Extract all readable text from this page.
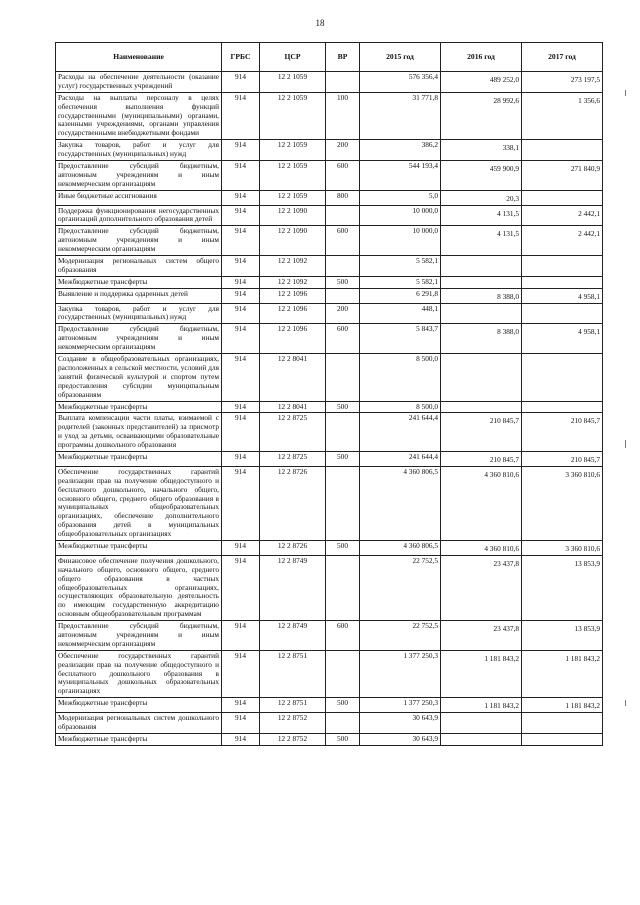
18
Наименование	ГРБС	ЦСР	ВР	2015 год	2016 год	2017 год
Расходы на обеспечение деятельности (оказание услуг) государственных учреждений	914	12 2 1059		576 356,4	489 252,0	273 197,5
Расходы на выплаты персоналу в целях обеспечения выполнения функций государственными (муниципальными) органами, казенными учреждениями, органами управления государственными внебюджетными фондами	914	12 2 1059	100	31 771,8	28 992,6	1 356,6
Закупка товаров, работ и услуг для государственных (муниципальных) нужд	914	12 2 1059	200	386,2	338,1	
Предоставление субсидий бюджетным, автономным учреждениям и иным некоммерческим организациям	914	12 2 1059	600	544 193,4	459 900,9	271 840,9
Иные бюджетные ассигнования	914	12 2 1059	800	5,0	20,3	
Поддержка функционирования негосударственных организаций дополнительного образования детей	914	12 2 1090		10 000,0	4 131,5	2 442,1
Предоставление субсидий бюджетным, автономным учреждениям и иным некоммерческим организациям	914	12 2 1090	600	10 000,0	4 131,5	2 442,1
Модернизация региональных систем общего образования	914	12 2 1092		5 582,1		
Межбюджетные трансферты	914	12 2 1092	500	5 582,1		
Выявление и поддержка одаренных детей	914	12 2 1096		6 291,8	8 388,0	4 958,1
Закупка товаров, работ и услуг для государственных (муниципальных) нужд	914	12 2 1096	200	448,1		
Предоставление субсидий бюджетным, автономным учреждениям и иным некоммерческим организациям	914	12 2 1096	600	5 843,7	8 388,0	4 958,1
Создание в общеобразовательных организациях, расположенных в сельской местности, условий для занятий физической культурой и спортом путем предоставления субсидии муниципальным образованиям	914	12 2 8041		8 500,0		
Межбюджетные трансферты	914	12 2 8041	500	8 500,0		
Выплата компенсации части платы, взимаемой с родителей (законных представителей) за присмотр и уход за детьми, осваивающими образовательные программы дошкольного образования	914	12 2 8725		241 644,4	210 845,7	210 845,7
Межбюджетные трансферты	914	12 2 8725	500	241 644,4	210 845,7	210 845,7
Обеспечение государственных гарантий реализации прав на получение общедоступного и бесплатного дошкольного, начального общего, основного общего, среднего общего образования в муниципальных общеобразовательных организациях, обеспечение дополнительного образования детей в муниципальных общеобразовательных организациях	914	12 2 8726		4 360 806,5	4 360 810,6	3 360 810,6
Межбюджетные трансферты	914	12 2 8726	500	4 360 806,5	4 360 810,6	3 360 810,6
Финансовое обеспечение получения дошкольного, начального общего, основного общего, среднего общего образования в частных общеобразовательных организациях, осуществляющих образовательную деятельность по имеющим государственную аккредитацию основным общеобразовательным программам	914	12 2 8749		22 752,5	23 437,8	13 853,9
Предоставление субсидий бюджетным, автономным учреждениям и иным некоммерческим организациям	914	12 2 8749	600	22 752,5	23 437,8	13 853,9
Обеспечение государственных гарантий реализации прав на получение общедоступного и бесплатного дошкольного образования в муниципальных дошкольных образовательных организациях	914	12 2 8751		1 377 250,3	1 181 843,2	1 181 843,2
Межбюджетные трансферты	914	12 2 8751	500	1 377 250,3	1 181 843,2	1 181 843,2
Модернизация региональных систем дошкольного образования	914	12 2 8752		30 643,9		
Межбюджетные трансферты	914	12 2 8752	500	30 643,9		
